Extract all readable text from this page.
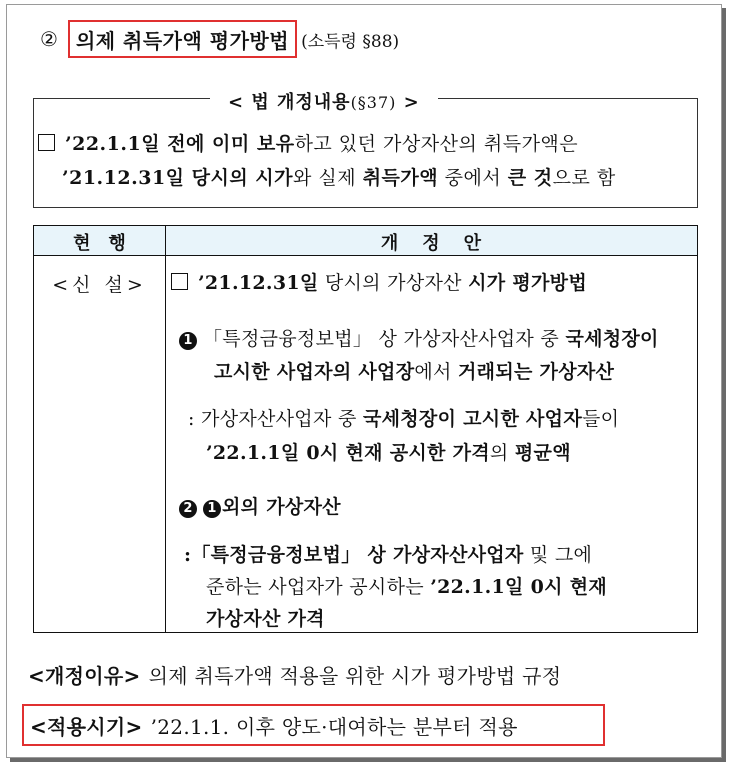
② 의제 취득가액 평가방법 (소득령 §88)
< 법 개정내용(§37) >
’22.1.1일 전에 이미 보유하고 있던 가상자산의 취득가액은
’21.12.31일 당시의 시가와 실제 취득가액 중에서 큰 것으로 함
현행	개정안
<신 설>	’21.12.31일 당시의 가상자산 시가 평가방법
1 「특정금융정보법」 상 가상자산사업자 중 국세청장이
고시한 사업자의 사업장에서 거래되는 가상자산
: 가상자산사업자 중 국세청장이 고시한 사업자들이
’22.1.1일 0시 현재 공시한 가격의 평균액
2 1 외의 가상자산
:「특정금융정보법」 상 가상자산사업자 및 그에
준하는 사업자가 공시하는 ’22.1.1일 0시 현재
가상자산 가격
<개정이유> 의제 취득가액 적용을 위한 시가 평가방법 규정
<적용시기> ’22.1.1. 이후 양도·대여하는 분부터 적용
